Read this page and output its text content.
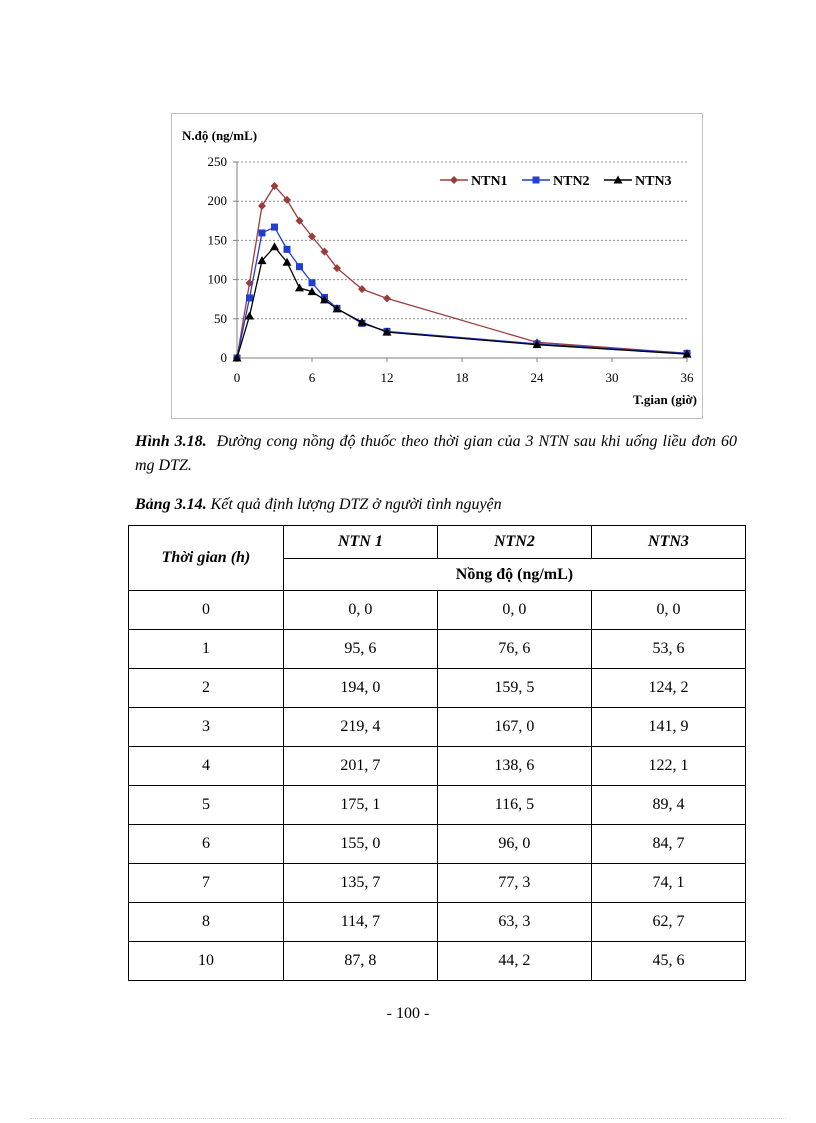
0
50
100
150
200
250
0	6	12	18	24	30	36
N.độ (ng/mL)
T.gian (giờ)
NTN1	NTN2	NTN3
Hình 3.18. Đường cong nồng độ thuốc theo thời gian của 3 NTN sau khi uống liều đơn 60 mg DTZ.
Bảng 3.14. Kết quả định lượng DTZ ở người tình nguyện
Thời gian (h)	NTN 1	NTN2	NTN3
	Nồng độ (ng/mL)		
0	0, 0	0, 0	0, 0
1	95, 6	76, 6	53, 6
2	194, 0	159, 5	124, 2
3	219, 4	167, 0	141, 9
4	201, 7	138, 6	122, 1
5	175, 1	116, 5	89, 4
6	155, 0	96, 0	84, 7
7	135, 7	77, 3	74, 1
8	114, 7	63, 3	62, 7
10	87, 8	44, 2	45, 6
- 100 -
